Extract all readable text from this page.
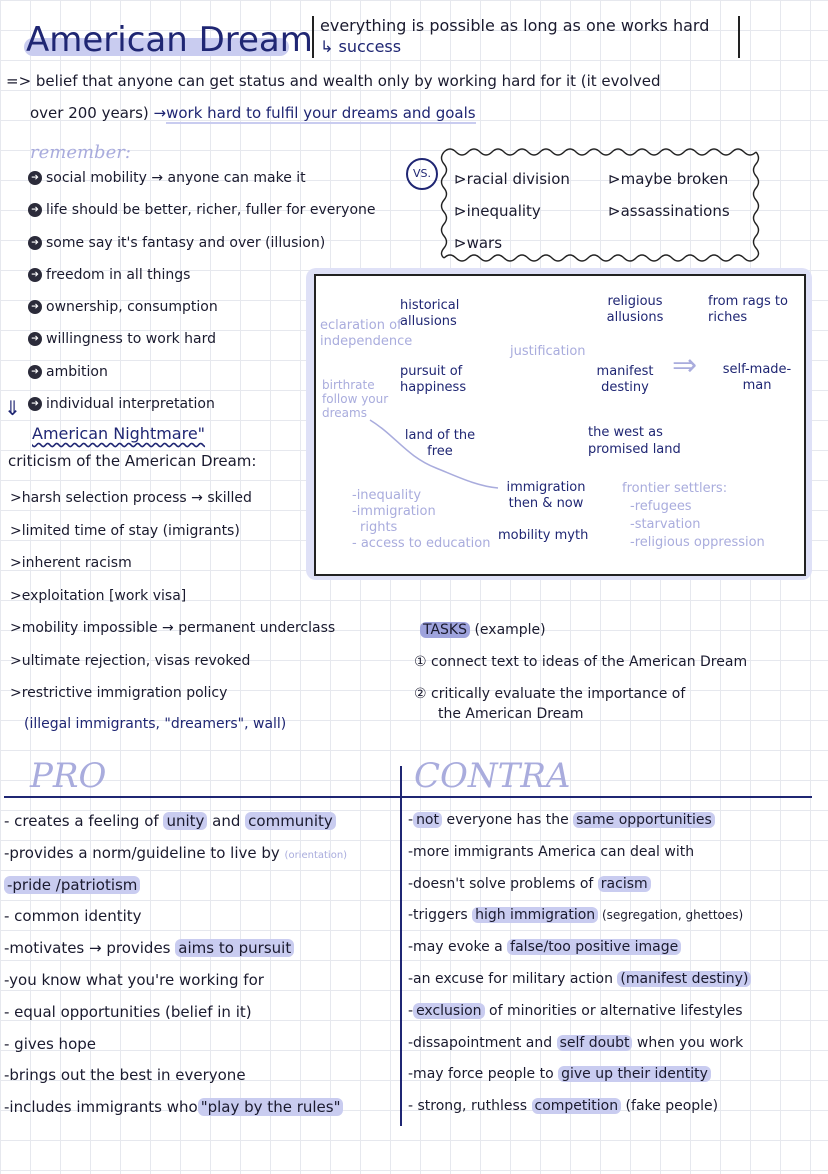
American Dream everything is possible as long as one works hard
↳ success
=> belief that anyone can get status and wealth only by working hard for it (it evolved
over 200 years) →work hard to fulfil your dreams and goals
remember:
➔ social mobility → anyone can make it
➔ life should be better, richer, fuller for everyone
➔ some say it's fantasy and over (illusion)
➔ freedom in all things
➔ ownership, consumption
➔ willingness to work hard
➔ ambition
➔ individual interpretation
⇓
VS.	⊳racial division	⊳maybe broken
⊳inequality	⊳assassinations
⊳wars
American Nightmare"
criticism of the American Dream:
>harsh selection process → skilled
>limited time of stay (imigrants)
>inherent racism
>exploitation [work visa]
>mobility impossible → permanent underclass
>ultimate rejection, visas revoked
>restrictive immigration policy
(illegal immigrants, "dreamers", wall)
historical allusions
religious allusions
from rags to riches
eclaration of independence
justification
pursuit of happiness
birthrate follow your dreams
manifest destiny
⇒	self-made-man
land of the free
the west as promised land
-inequality
-immigration
rights
- access to education
immigration then & now
mobility myth
frontier settlers:
-refugees
-starvation
-religious oppression
TASKS (example)
① connect text to ideas of the American Dream
② critically evaluate the importance of
the American Dream
PRO	CONTRA
- creates a feeling of unity and community
-provides a norm/guideline to live by (orientation)
-pride /patriotism
- common identity
-motivates → provides aims to pursuit
-you know what you're working for
- equal opportunities (belief in it)
- gives hope
-brings out the best in everyone
-includes immigrants who "play by the rules"
- not everyone has the same opportunities
-more immigrants America can deal with
-doesn't solve problems of racism
-triggers high immigration (segregation, ghettoes)
-may evoke a false/too positive image
-an excuse for military action (manifest destiny)
- exclusion of minorities or alternative lifestyles
-dissapointment and self doubt when you work
-may force people to give up their identity
- strong, ruthless competition (fake people)
